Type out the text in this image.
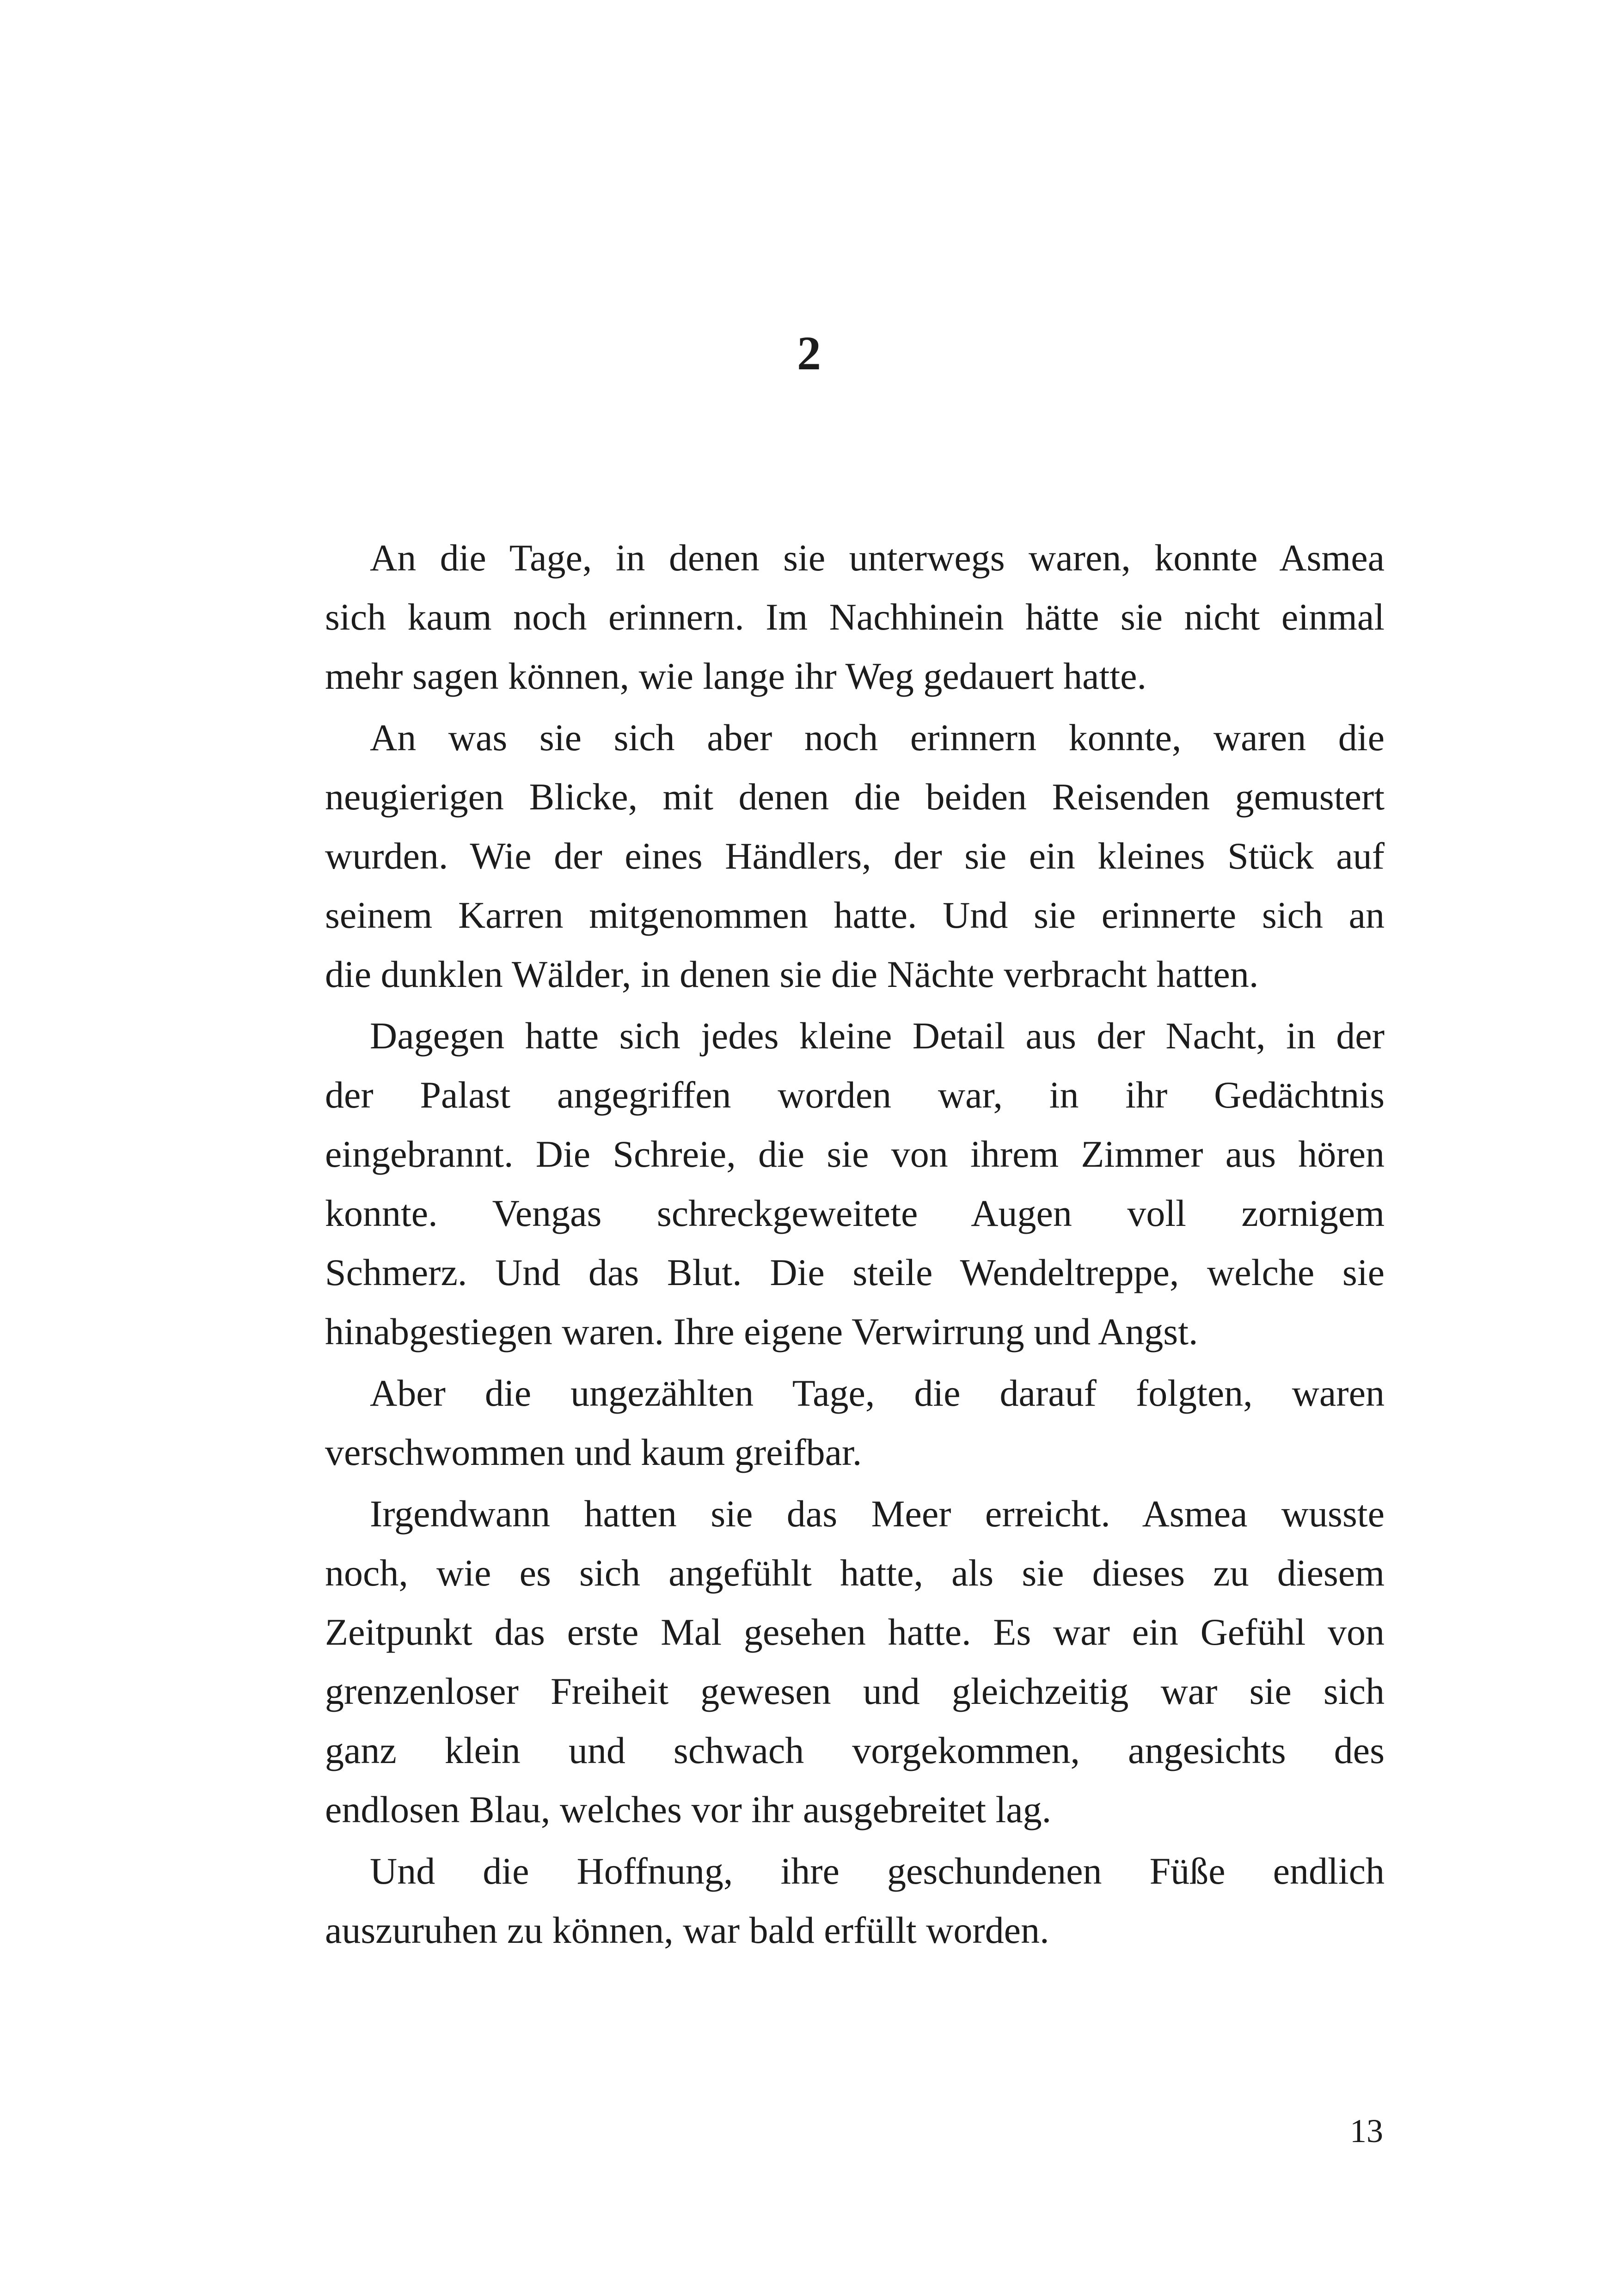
2
An die Tage, in denen sie unterwegs waren, konnte Asmea
sich kaum noch erinnern. Im Nachhinein hätte sie nicht einmal
mehr sagen können, wie lange ihr Weg gedauert hatte.
An was sie sich aber noch erinnern konnte, waren die
neugierigen Blicke, mit denen die beiden Reisenden gemustert
wurden. Wie der eines Händlers, der sie ein kleines Stück auf
seinem Karren mitgenommen hatte. Und sie erinnerte sich an
die dunklen Wälder, in denen sie die Nächte verbracht hatten.
Dagegen hatte sich jedes kleine Detail aus der Nacht, in der
der Palast angegriffen worden war, in ihr Gedächtnis
eingebrannt. Die Schreie, die sie von ihrem Zimmer aus hören
konnte. Vengas schreckgeweitete Augen voll zornigem
Schmerz. Und das Blut. Die steile Wendeltreppe, welche sie
hinabgestiegen waren. Ihre eigene Verwirrung und Angst.
Aber die ungezählten Tage, die darauf folgten, waren
verschwommen und kaum greifbar.
Irgendwann hatten sie das Meer erreicht. Asmea wusste
noch, wie es sich angefühlt hatte, als sie dieses zu diesem
Zeitpunkt das erste Mal gesehen hatte. Es war ein Gefühl von
grenzenloser Freiheit gewesen und gleichzeitig war sie sich
ganz klein und schwach vorgekommen, angesichts des
endlosen Blau, welches vor ihr ausgebreitet lag.
Und die Hoffnung, ihre geschundenen Füße endlich
auszuruhen zu können, war bald erfüllt worden.
13
